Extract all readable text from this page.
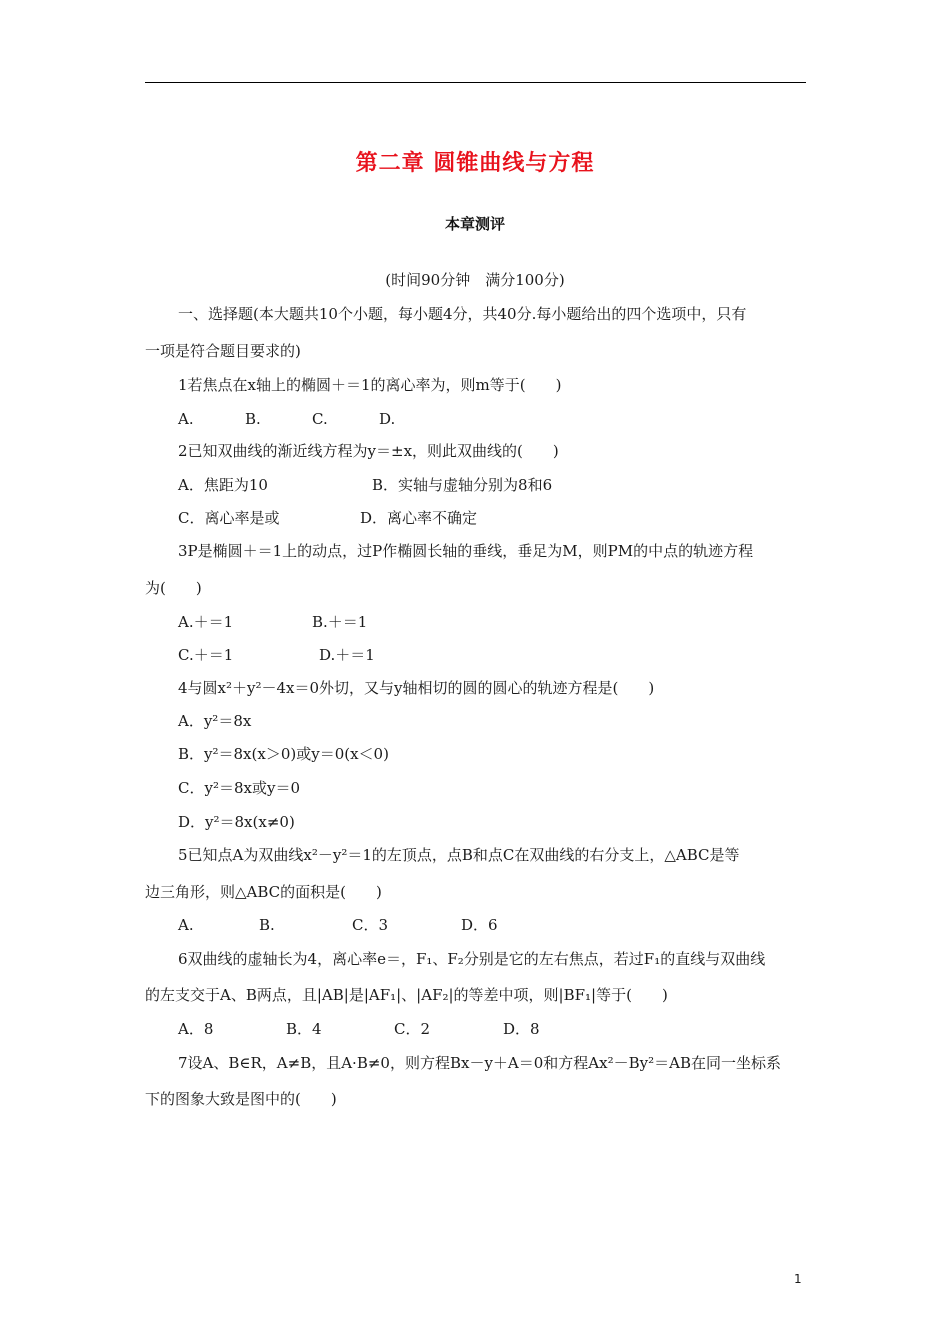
第二章 圆锥曲线与方程
本章测评
(时间90分钟　满分100分)
一、选择题(本大题共10个小题，每小题4分，共40分.每小题给出的四个选项中，只有
一项是符合题目要求的)
1若焦点在x轴上的椭圆＋＝1的离心率为，则m等于(　　)
A.	B.	C.	D.
2已知双曲线的渐近线方程为y＝±x，则此双曲线的(　　)
A．焦距为10	B．实轴与虚轴分别为8和6
C．离心率是或	D．离心率不确定
3P是椭圆＋＝1上的动点，过P作椭圆长轴的垂线，垂足为M，则PM的中点的轨迹方程
为(　　)
A.＋＝1	B.＋＝1
C.＋＝1	D.＋＝1
4与圆x²＋y²－4x＝0外切，又与y轴相切的圆的圆心的轨迹方程是(　　)
A．y²＝8x
B．y²＝8x(x＞0)或y＝0(x＜0)
C．y²＝8x或y＝0
D．y²＝8x(x≠0)
5已知点A为双曲线x²－y²＝1的左顶点，点B和点C在双曲线的右分支上，△ABC是等
边三角形，则△ABC的面积是(　　)
A.	B.	C．3	D．6
6双曲线的虚轴长为4，离心率e＝，F₁、F₂分别是它的左右焦点，若过F₁的直线与双曲线
的左支交于A、B两点，且|AB|是|AF₁|、|AF₂|的等差中项，则|BF₁|等于(　　)
A．8	B．4	C．2	D．8
7设A、B∈R，A≠B，且A·B≠0，则方程Bx－y＋A＝0和方程Ax²－By²＝AB在同一坐标系
下的图象大致是图中的(　　)
1
